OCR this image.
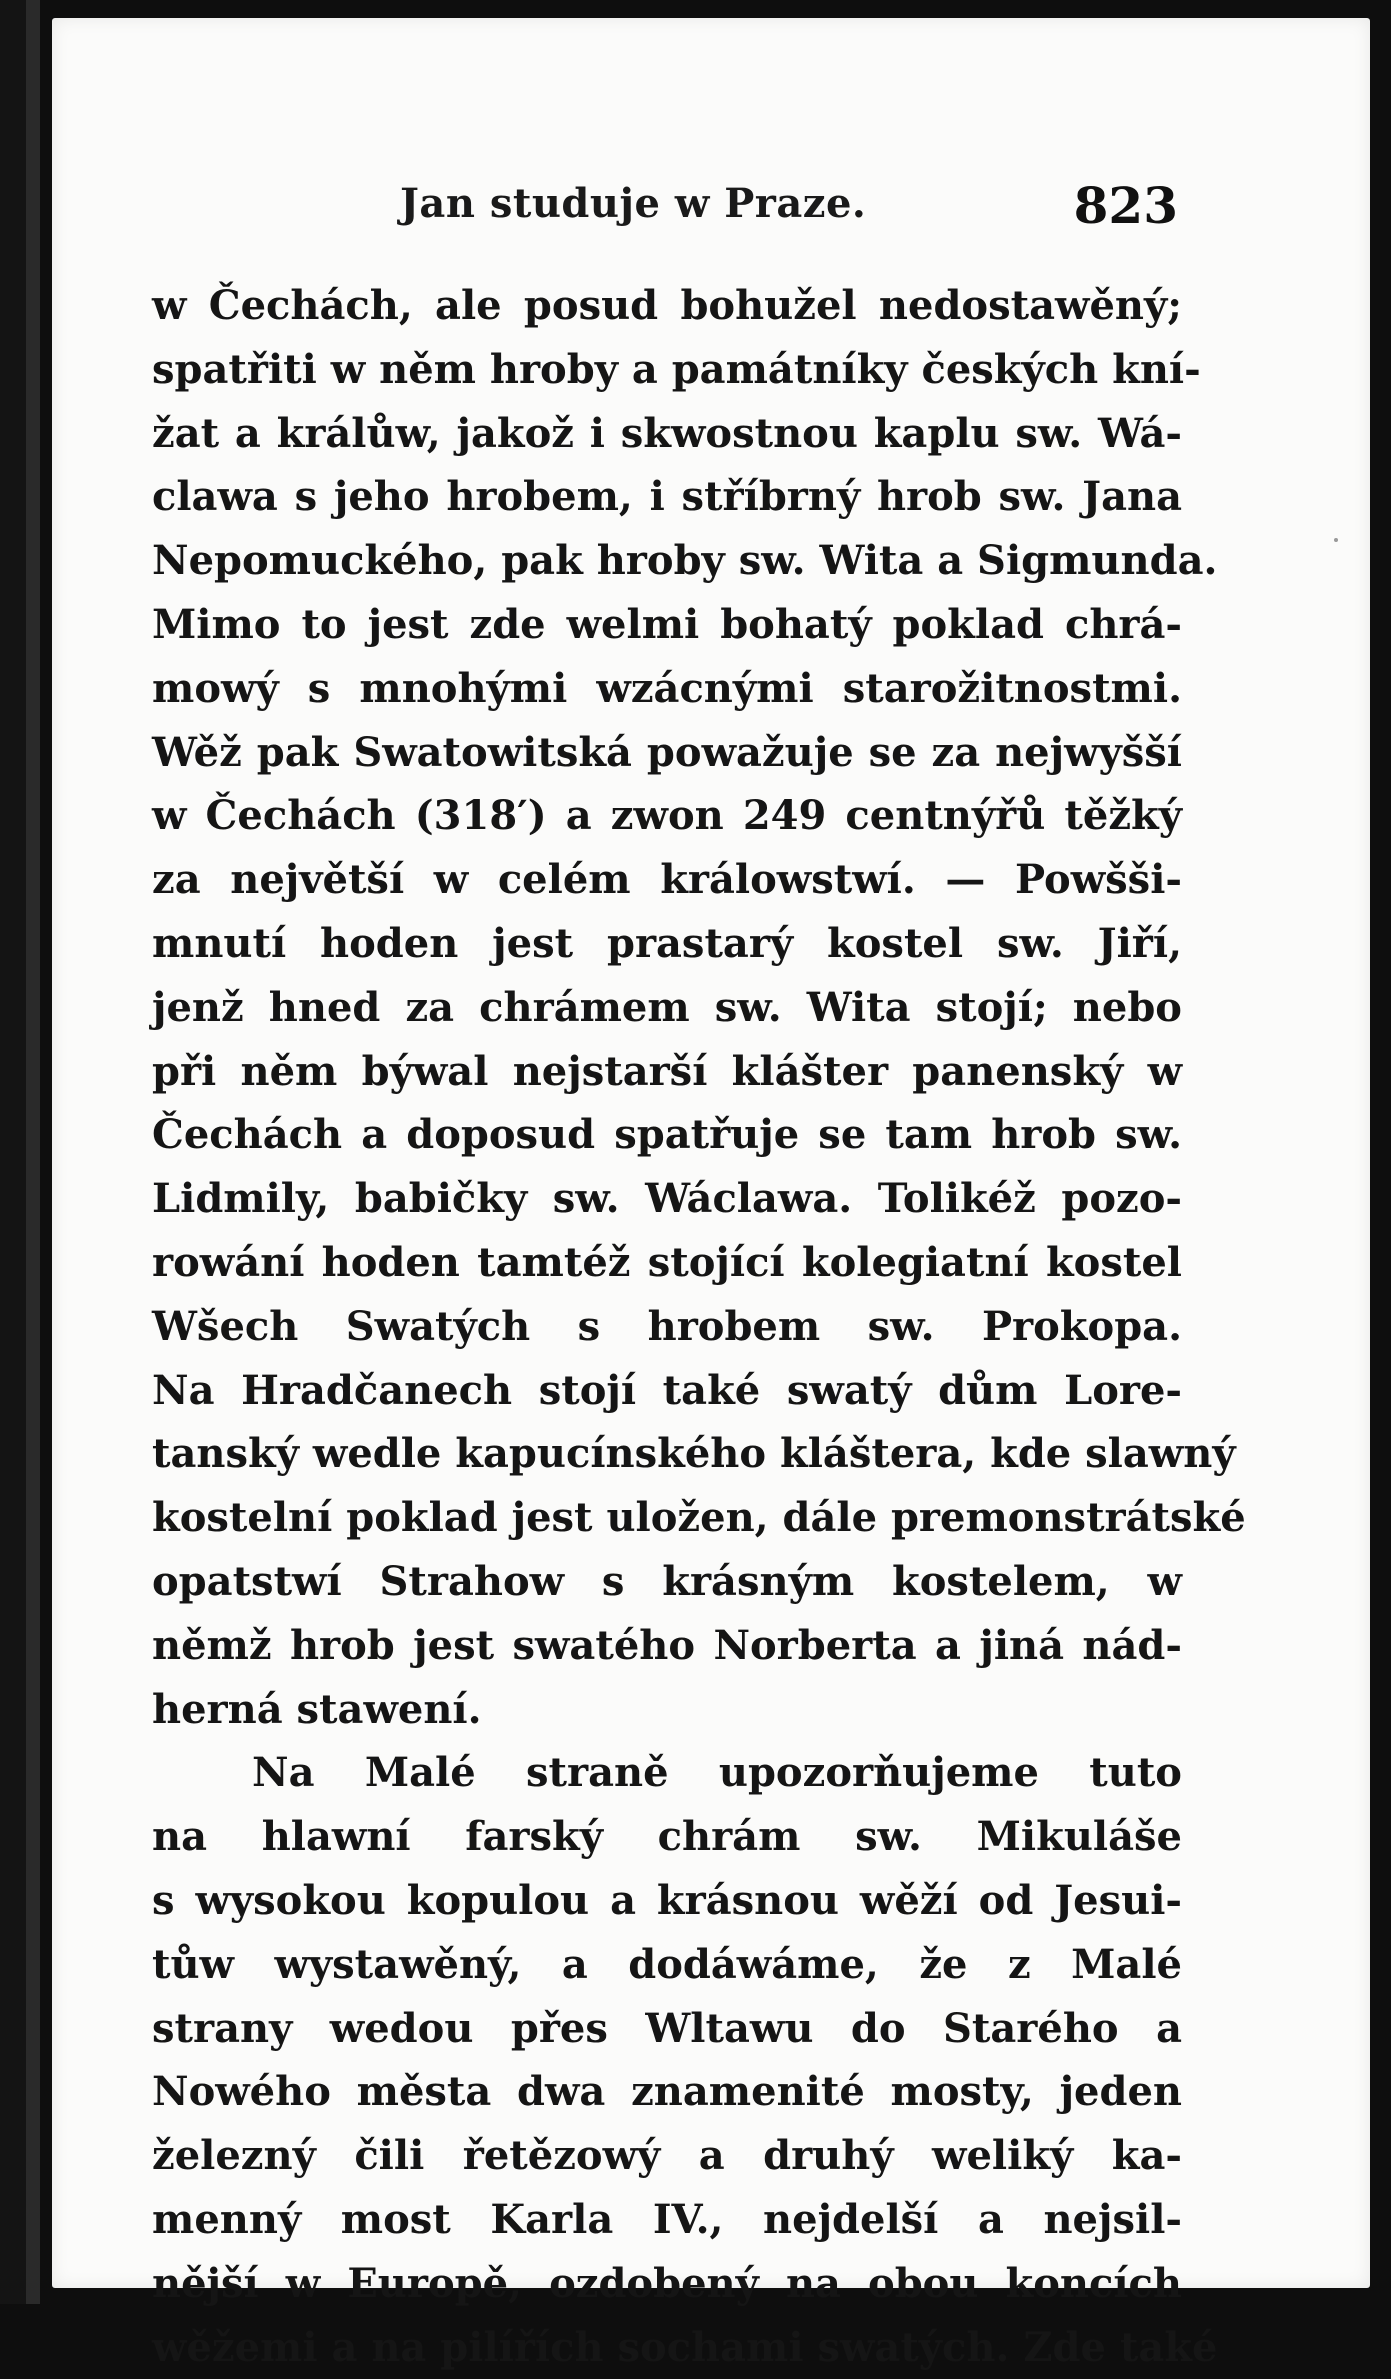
Jan studuje w Praze.	823
w Čechách, ale posud bohužel nedostawěný;
spatřiti w něm hroby a památníky českých kní-
žat a králůw, jakož i skwostnou kaplu sw. Wá-
clawa s jeho hrobem, i stříbrný hrob sw. Jana
Nepomuckého, pak hroby sw. Wita a Sigmunda.
Mimo to jest zde welmi bohatý poklad chrá-
mowý s mnohými wzácnými starožitnostmi.
Wěž pak Swatowitská powažuje se za nejwyšší
w Čechách (318′) a zwon 249 centnýřů těžký
za největší w celém králowstwí. — Powšši-
mnutí hoden jest prastarý kostel sw. Jiří,
jenž hned za chrámem sw. Wita stojí; nebo
při něm býwal nejstarší klášter panenský w
Čechách a doposud spatřuje se tam hrob sw.
Lidmily, babičky sw. Wáclawa. Tolikéž pozo-
rowání hoden tamtéž stojící kolegiatní kostel
Wšech Swatých s hrobem sw. Prokopa.
Na Hradčanech stojí také swatý dům Lore-
tanský wedle kapucínského kláštera, kde slawný
kostelní poklad jest uložen, dále premonstrátské
opatstwí Strahow s krásným kostelem, w
němž hrob jest swatého Norberta a jiná nád-
herná stawení.
Na Malé straně upozorňujeme tuto
na hlawní farský chrám sw. Mikuláše
s wysokou kopulou a krásnou wěží od Jesui-
tůw wystawěný, a dodáwáme, že z Malé
strany wedou přes Wltawu do Starého a
Nowého města dwa znamenité mosty, jeden
železný čili řetězowý a druhý weliký ka-
menný most Karla IV., nejdelší a nejsil-
nější w Europě, ozdobený na obou koncích
wěžemi a na pilířích sochami swatých. Zde také
